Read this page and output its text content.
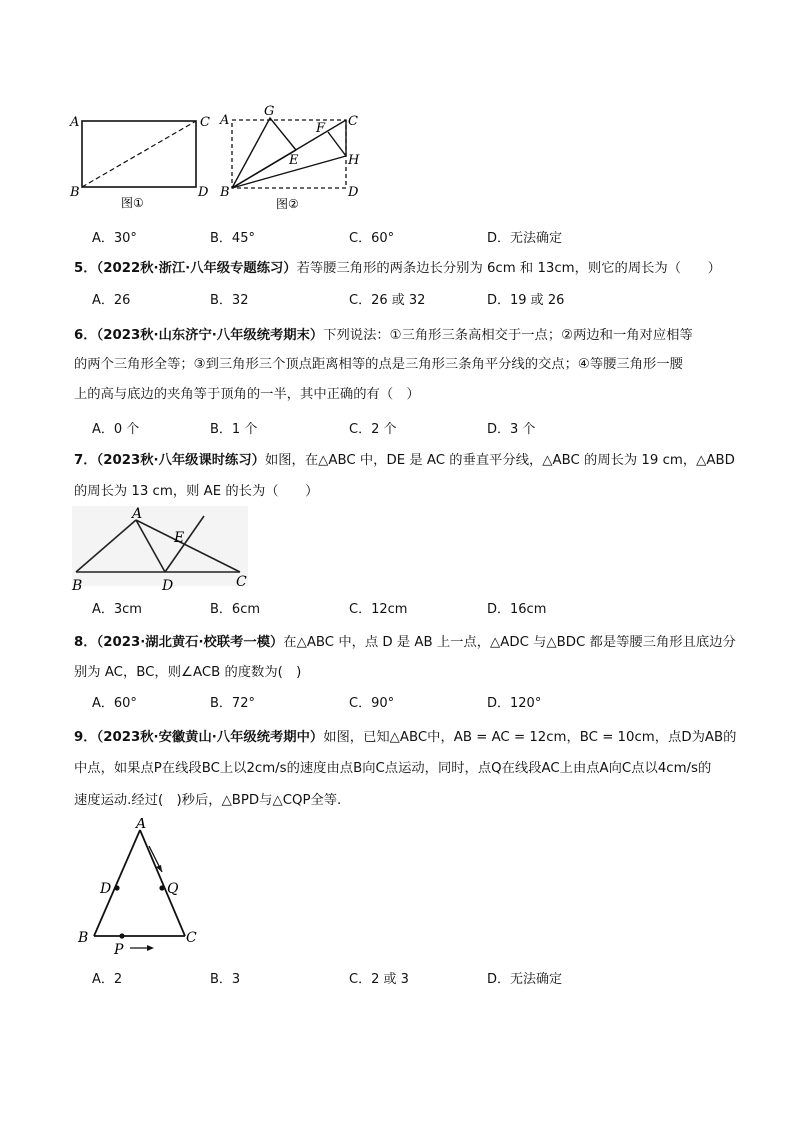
A	C
B	D
图①
A
G
F C
E	H
B	D
图②
A．30°	B．45°	C．60°	D．无法确定
5．（2022秋·浙江·八年级专题练习）若等腰三角形的两条边长分别为 6cm 和 13cm，则它的周长为（　　）
A．26	B．32	C．26 或 32	D．19 或 26
6．（2023秋·山东济宁·八年级统考期末）下列说法：①三角形三条高相交于一点；②两边和一角对应相等
的两个三角形全等；③到三角形三个顶点距离相等的点是三角形三条角平分线的交点；④等腰三角形一腰
上的高与底边的夹角等于顶角的一半，其中正确的有（　）
A．0 个	B．1 个	C．2 个	D．3 个
7．（2023秋·八年级课时练习）如图，在△ABC 中，DE 是 AC 的垂直平分线，△ABC 的周长为 19 cm，△ABD
的周长为 13 cm，则 AE 的长为（　　）
A
E
B	D	C
A．3cm	B．6cm	C．12cm	D．16cm
8．（2023·湖北黄石·校联考一模）在△ABC 中，点 D 是 AB 上一点，△ADC 与△BDC 都是等腰三角形且底边分
别为 AC，BC，则∠ACB 的度数为(　)
A．60°	B．72°	C．90°	D．120°
9．（2023秋·安徽黄山·八年级统考期中）如图，已知△ABC中，AB = AC = 12cm，BC = 10cm，点D为AB的
中点，如果点P在线段BC上以2cm/s的速度由点B向C点运动，同时，点Q在线段AC上由点A向C点以4cm/s的
速度运动.经过(　)秒后，△BPD与△CQP全等.
A
D	Q
B
P
C
A．2	B．3	C．2 或 3	D．无法确定
